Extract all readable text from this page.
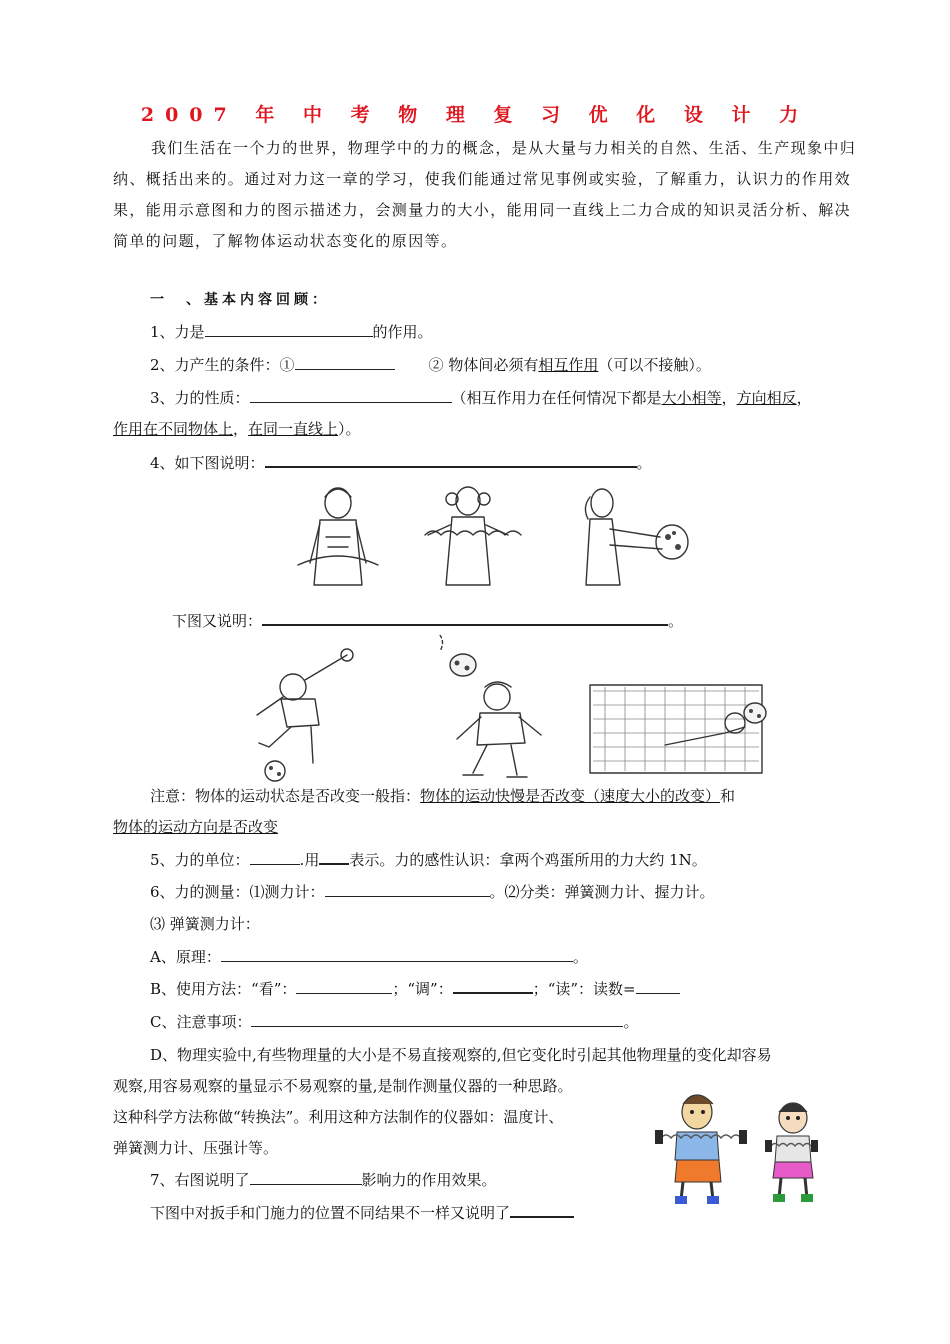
2007 年 中 考 物 理 复 习 优 化 设 计 力
我们生活在一个力的世界，物理学中的力的概念，是从大量与力相关的自然、生活、生产现象中归纳、概括出来的。通过对力这一章的学习，使我们能通过常见事例或实验，了解重力，认识力的作用效果，能用示意图和力的图示描述力，会测量力的大小，能用同一直线上二力合成的知识灵活分析、解决简单的问题，了解物体运动状态变化的原因等。
一　、基本内容回顾：
1、力是	的作用。
2、力产生的条件：①	② 物体间必须有相互作用（可以不接触）。
3、力的性质：	（相互作用力在任何情况下都是大小相等，方向相反，
作用在不同物体上，在同一直线上）。
4、如下图说明：	。
下图又说明：	。
注意：物体的运动状态是否改变一般指：物体的运动快慢是否改变（速度大小的改变）和
物体的运动方向是否改变
5、力的单位：	.用 表示。力的感性认识：拿两个鸡蛋所用的力大约 1N。
6、力的测量：⑴测力计：	。⑵分类：弹簧测力计、握力计。
⑶ 弹簧测力计：
A、原理：	。
B、使用方法：“看”：	；“调”：	；“读”：读数=
C、注意事项：	。
D、物理实验中,有些物理量的大小是不易直接观察的,但它变化时引起其他物理量的变化却容易
观察,用容易观察的量显示不易观察的量,是制作测量仪器的一种思路。
这种科学方法称做“转换法”。利用这种方法制作的仪器如：温度计、
弹簧测力计、压强计等。
7、右图说明了	影响力的作用效果。
下图中对扳手和门施力的位置不同结果不一样又说明了
